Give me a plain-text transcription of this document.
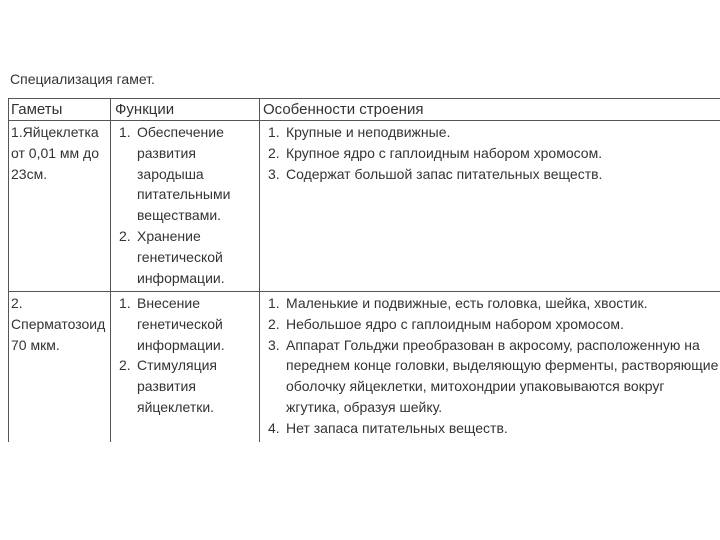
Специализация гамет.

Гаметы	Функции	Особенности строения
1.Яйцеклетка от 0,01 мм до 23см.
1. Обеспечение развития зародыша питательными веществами.
2. Хранение генетической информации.
1. Крупные и неподвижные.
2. Крупное ядро с гаплоидным набором хромосом.
3. Содержат большой запас питательных веществ.
2. Сперматозоид 70 мкм.
1. Внесение генетической информации.
2. Стимуляция развития яйцеклетки.
1. Маленькие и подвижные, есть головка, шейка, хвостик.
2. Небольшое ядро с гаплоидным набором хромосом.
3. Аппарат Гольджи преобразован в акросому, расположенную на переднем конце головки, выделяющую ферменты, растворяющие оболочку яйцеклетки, митохондрии упаковываются вокруг жгутика, образуя шейку.
4. Нет запаса питательных веществ.
